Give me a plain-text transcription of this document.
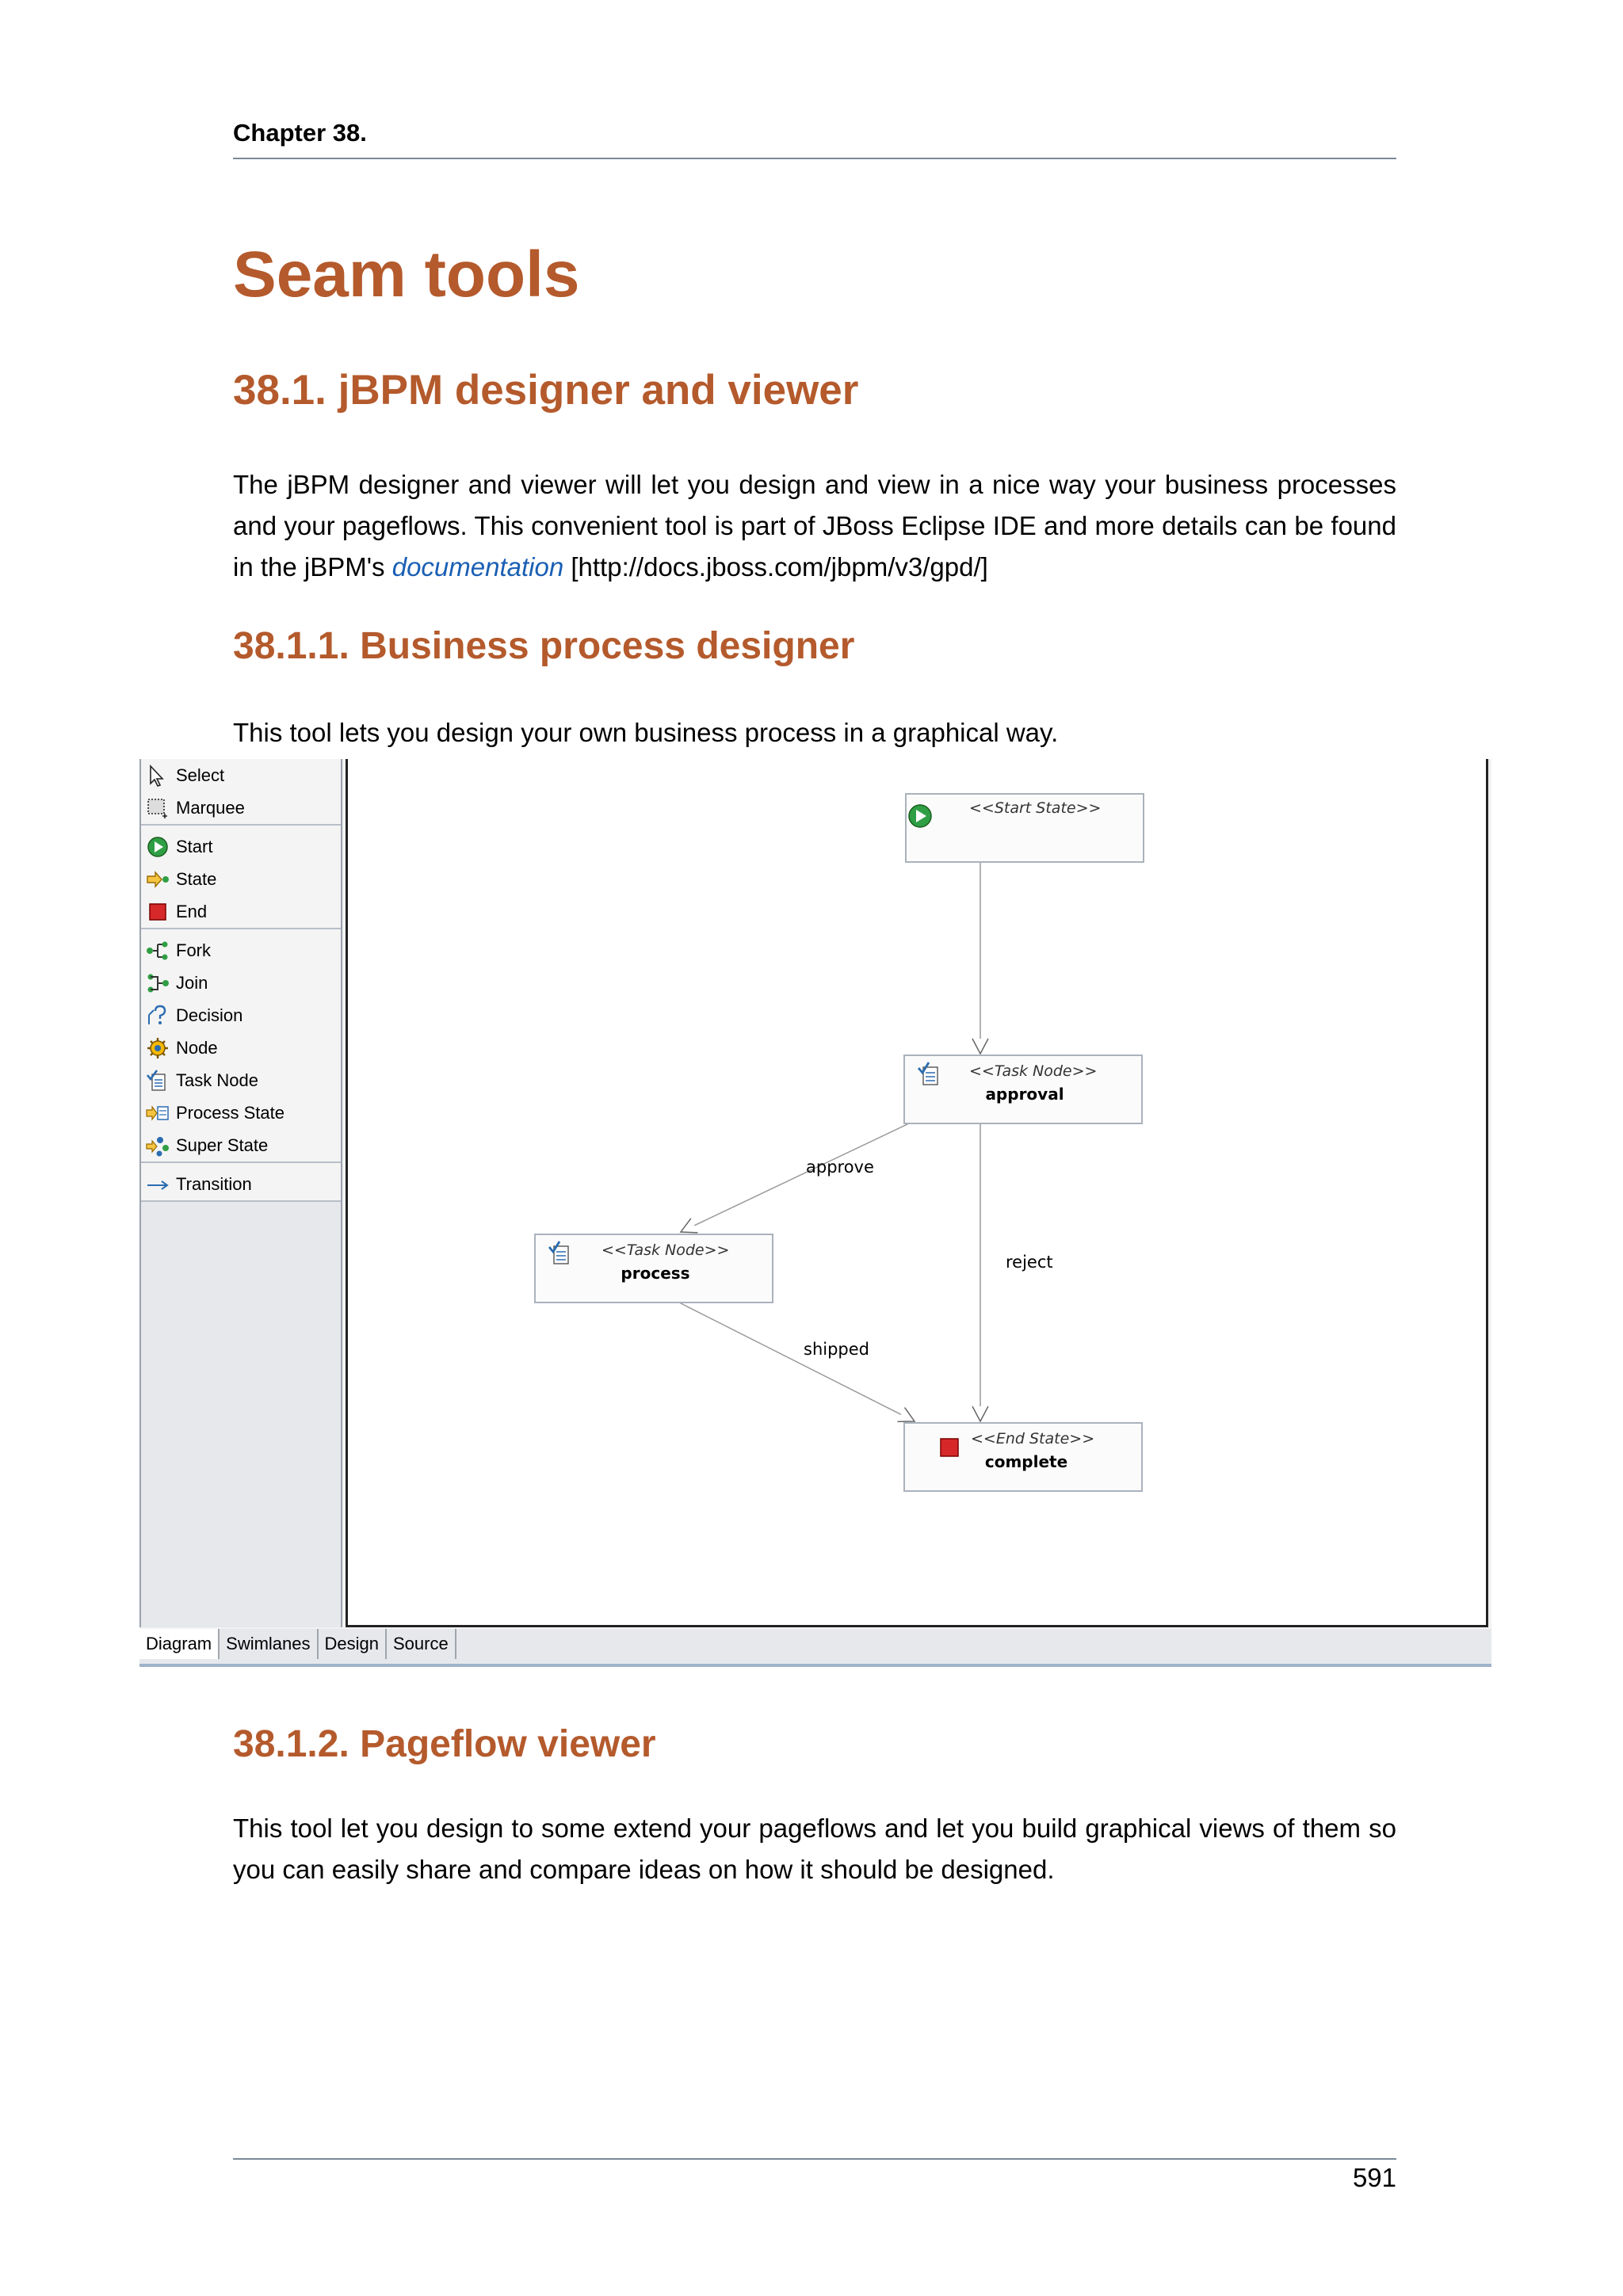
Chapter 38.
Seam tools
38.1. jBPM designer and viewer
The jBPM designer and viewer will let you design and view in a nice way your business processes and your pageflows. This convenient tool is part of JBoss Eclipse IDE and more details can be found in the jBPM's documentation [http://docs.jboss.com/jbpm/v3/gpd/]
38.1.1. Business process designer
This tool lets you design your own business process in a graphical way.
Select
Marquee
Start
State
End
Fork
Join
Decision
Node
Task Node
Process State
Super State
Transition
approve
reject
shipped
<<Start State>>
<<Task Node>>
approval
<<Task Node>>
process
<<End State>>
complete
Diagram Swimlanes Design Source
38.1.2. Pageflow viewer
This tool let you design to some extend your pageflows and let you build graphical views of them so you can easily share and compare ideas on how it should be designed.
591
